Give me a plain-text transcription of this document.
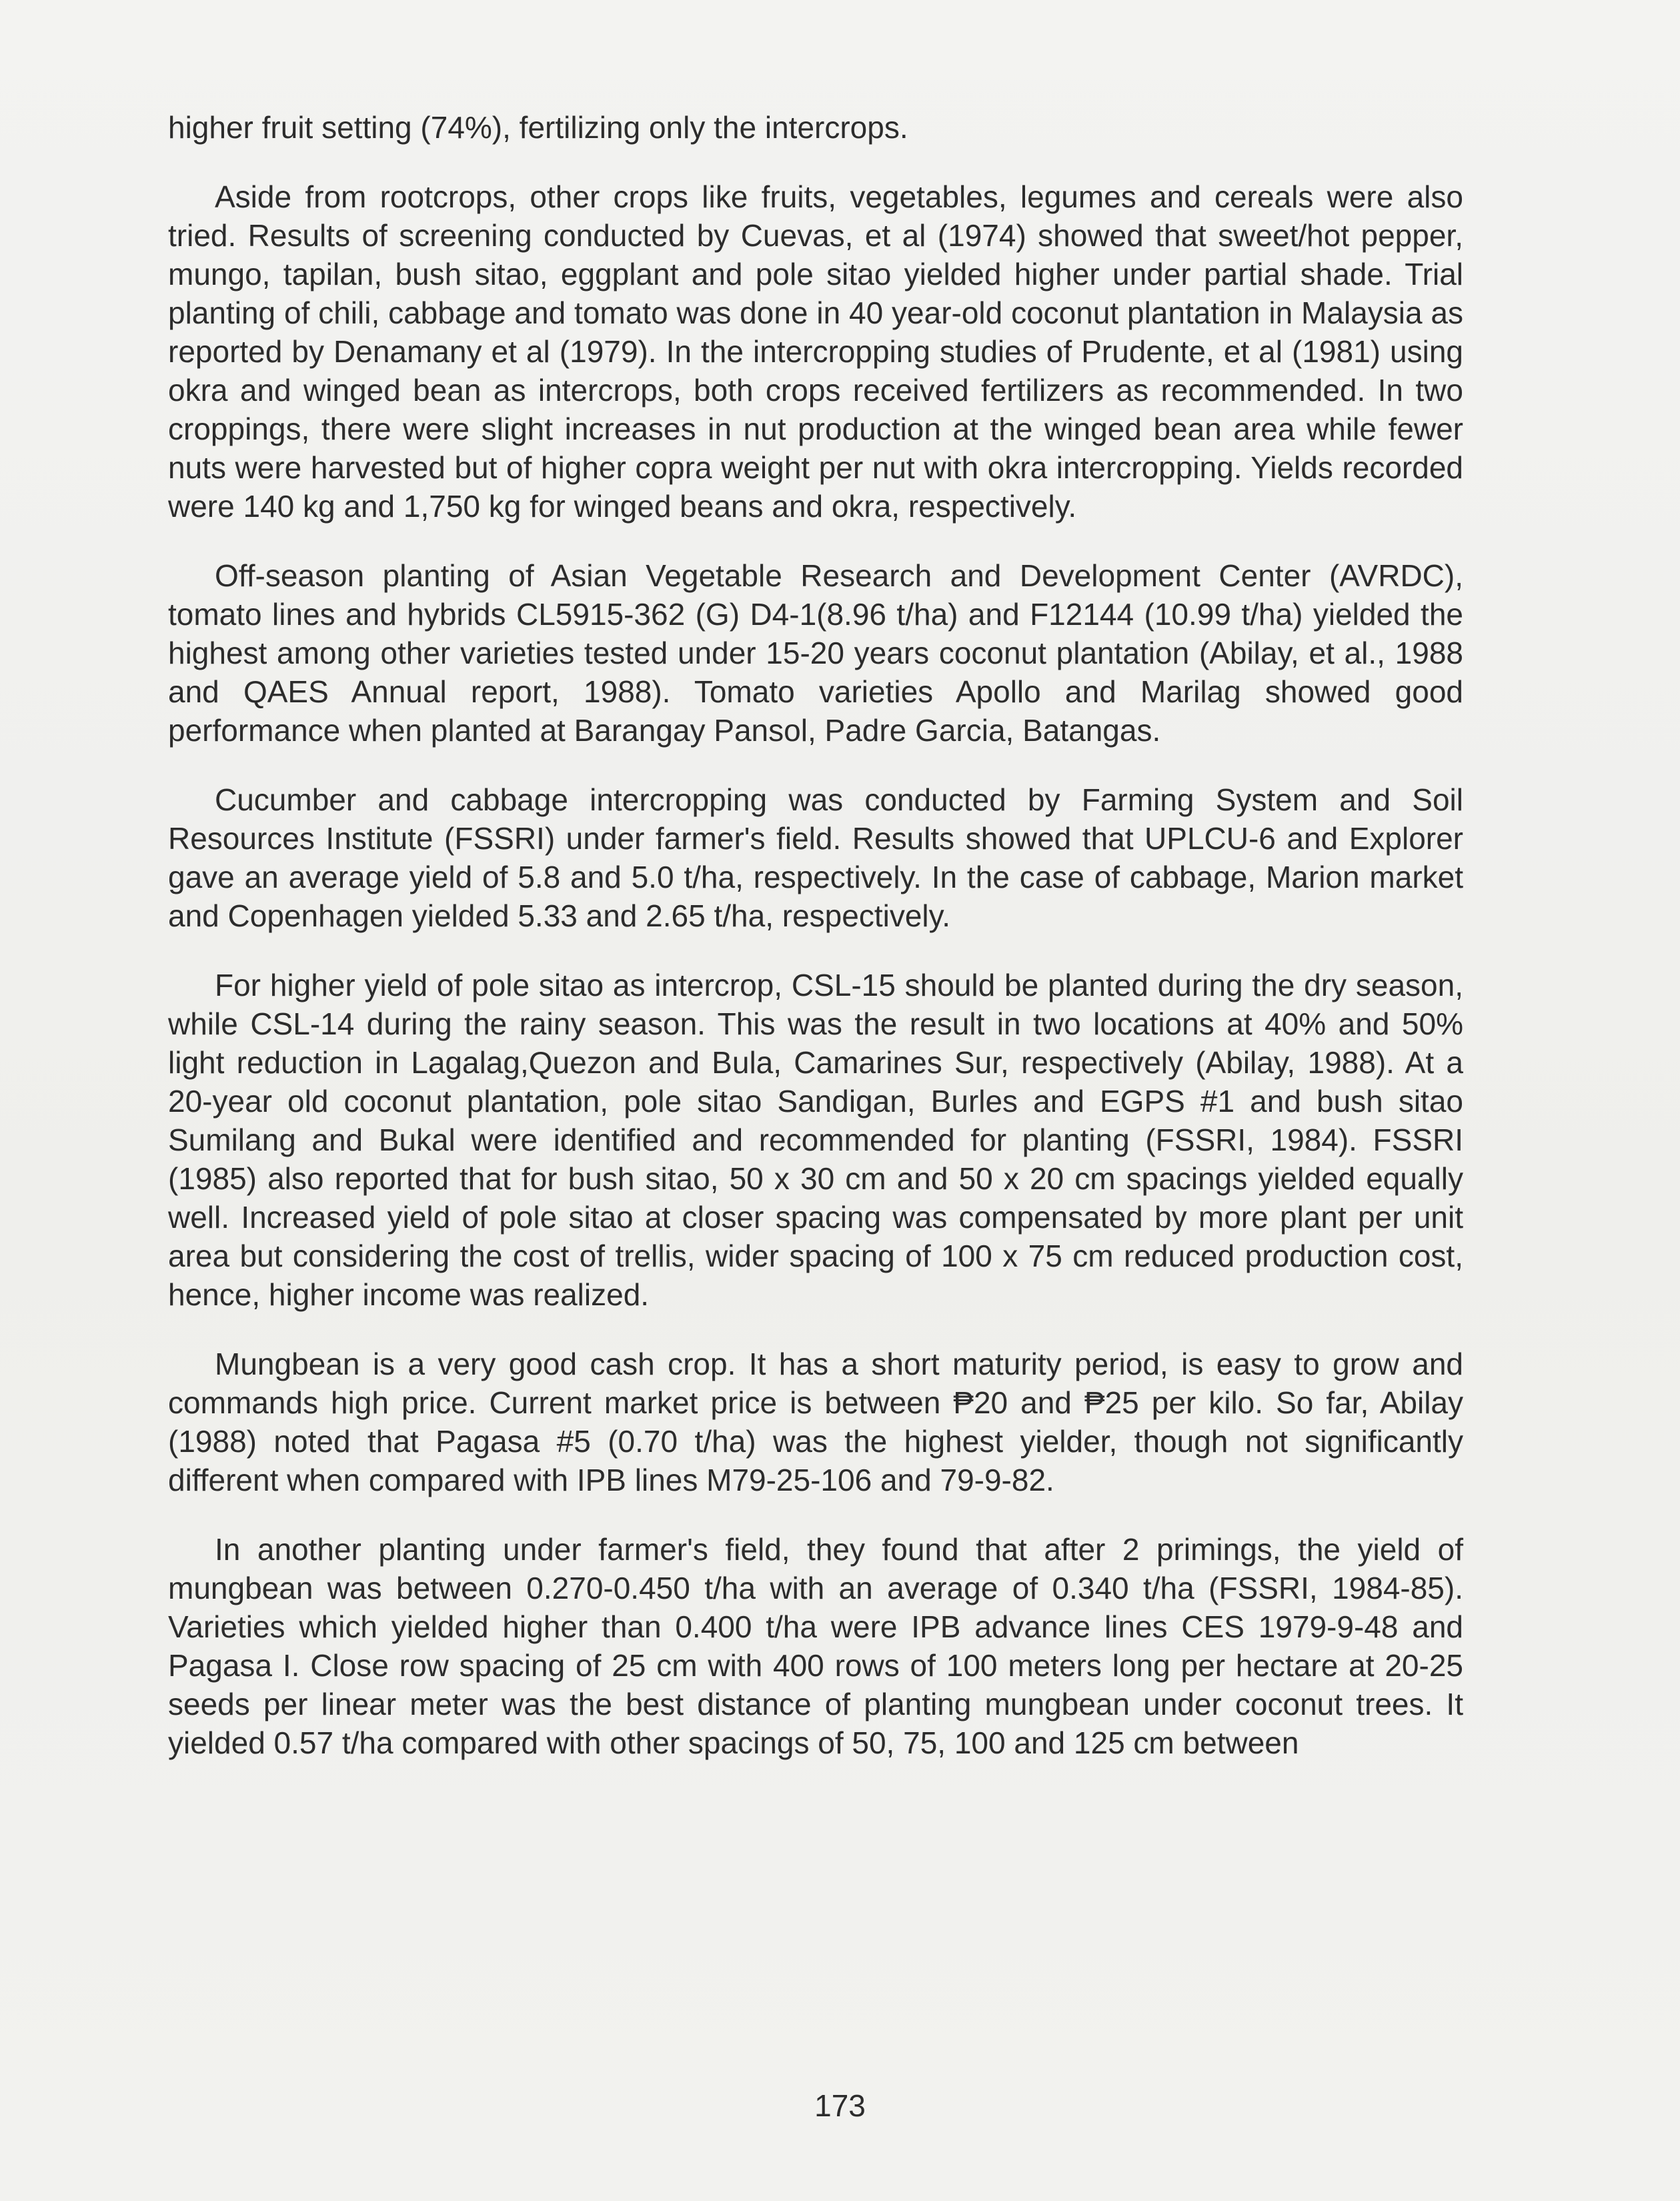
higher fruit setting (74%), fertilizing only the intercrops.

Aside from rootcrops, other crops like fruits, vegetables, legumes and cereals were also tried. Results of screening conducted by Cuevas, et al (1974) showed that sweet/hot pepper, mungo, tapilan, bush sitao, eggplant and pole sitao yielded higher under partial shade. Trial planting of chili, cabbage and tomato was done in 40 year-old coconut plantation in Malaysia as reported by Denamany et al (1979). In the intercropping studies of Prudente, et al (1981) using okra and winged bean as intercrops, both crops received fertilizers as recommended. In two croppings, there were slight increases in nut production at the winged bean area while fewer nuts were harvested but of higher copra weight per nut with okra intercropping. Yields recorded were 140 kg and 1,750 kg for winged beans and okra, respectively.

Off-season planting of Asian Vegetable Research and Development Center (AVRDC), tomato lines and hybrids CL5915-362 (G) D4-1(8.96 t/ha) and F12144 (10.99 t/ha) yielded the highest among other varieties tested under 15-20 years coconut plantation (Abilay, et al., 1988 and QAES Annual report, 1988). Tomato varieties Apollo and Marilag showed good performance when planted at Barangay Pansol, Padre Garcia, Batangas.

Cucumber and cabbage intercropping was conducted by Farming System and Soil Resources Institute (FSSRI) under farmer's field. Results showed that UPLCU-6 and Explorer gave an average yield of 5.8 and 5.0 t/ha, respectively. In the case of cabbage, Marion market and Copenhagen yielded 5.33 and 2.65 t/ha, respectively.

For higher yield of pole sitao as intercrop, CSL-15 should be planted during the dry season, while CSL-14 during the rainy season. This was the result in two locations at 40% and 50% light reduction in Lagalag,Quezon and Bula, Camarines Sur, respectively (Abilay, 1988). At a 20-year old coconut plantation, pole sitao Sandigan, Burles and EGPS #1 and bush sitao Sumilang and Bukal were identified and recommended for planting (FSSRI, 1984). FSSRI (1985) also reported that for bush sitao, 50 x 30 cm and 50 x 20 cm spacings yielded equally well. Increased yield of pole sitao at closer spacing was compensated by more plant per unit area but considering the cost of trellis, wider spacing of 100 x 75 cm reduced production cost, hence, higher income was realized.

Mungbean is a very good cash crop. It has a short maturity period, is easy to grow and commands high price. Current market price is between ₱20 and ₱25 per kilo. So far, Abilay (1988) noted that Pagasa #5 (0.70 t/ha) was the highest yielder, though not significantly different when compared with IPB lines M79-25-106 and 79-9-82.

In another planting under farmer's field, they found that after 2 primings, the yield of mungbean was between 0.270-0.450 t/ha with an average of 0.340 t/ha (FSSRI, 1984-85). Varieties which yielded higher than 0.400 t/ha were IPB advance lines CES 1979-9-48 and Pagasa I. Close row spacing of 25 cm with 400 rows of 100 meters long per hectare at 20-25 seeds per linear meter was the best distance of planting mungbean under coconut trees. It yielded 0.57 t/ha compared with other spacings of 50, 75, 100 and 125 cm between

173
